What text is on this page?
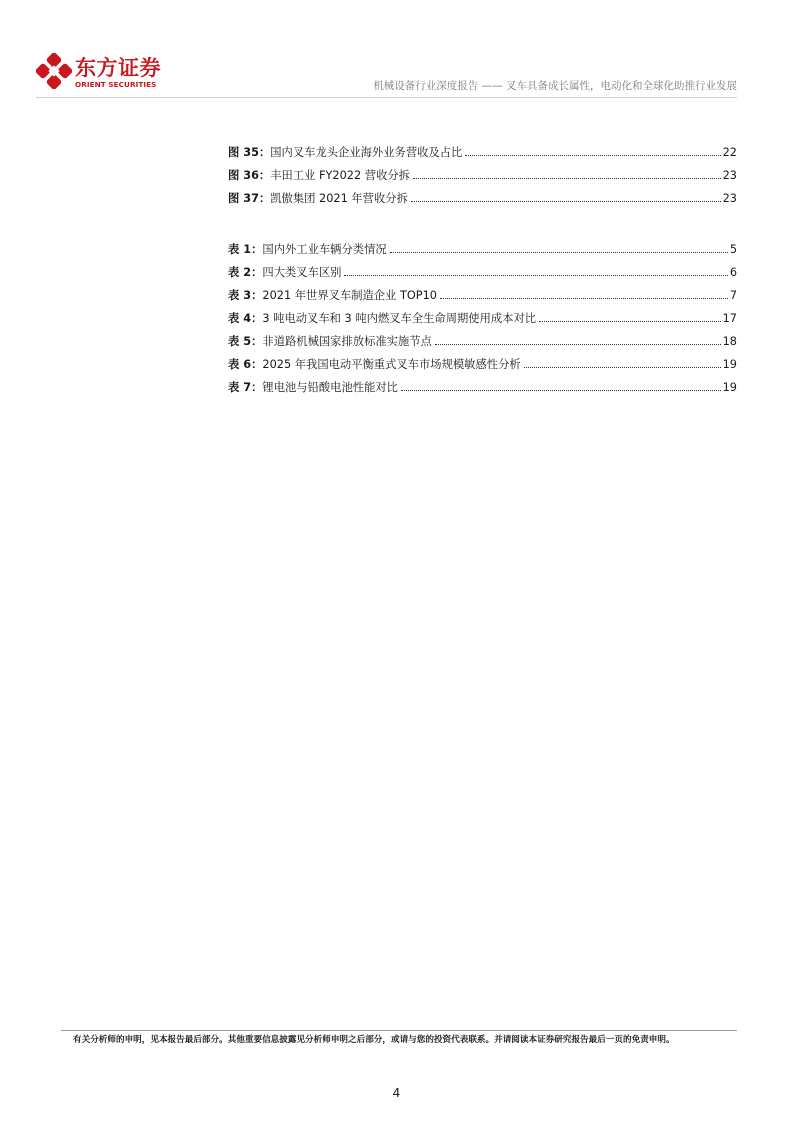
东方证券
ORIENT SECURITIES	机械设备行业深度报告 —— 叉车具备成长属性，电动化和全球化助推行业发展
图 35：国内叉车龙头企业海外业务营收及占比	22
图 36：丰田工业 FY2022 营收分拆	23
图 37：凯傲集团 2021 年营收分拆	23
表 1：国内外工业车辆分类情况	5
表 2：四大类叉车区别	6
表 3：2021 年世界叉车制造企业 TOP10	7
表 4：3 吨电动叉车和 3 吨内燃叉车全生命周期使用成本对比	17
表 5：非道路机械国家排放标准实施节点	18
表 6：2025 年我国电动平衡重式叉车市场规模敏感性分析	19
表 7：锂电池与铅酸电池性能对比	19
有关分析师的申明，见本报告最后部分。其他重要信息披露见分析师申明之后部分，或请与您的投资代表联系。并请阅读本证券研究报告最后一页的免责申明。
4
